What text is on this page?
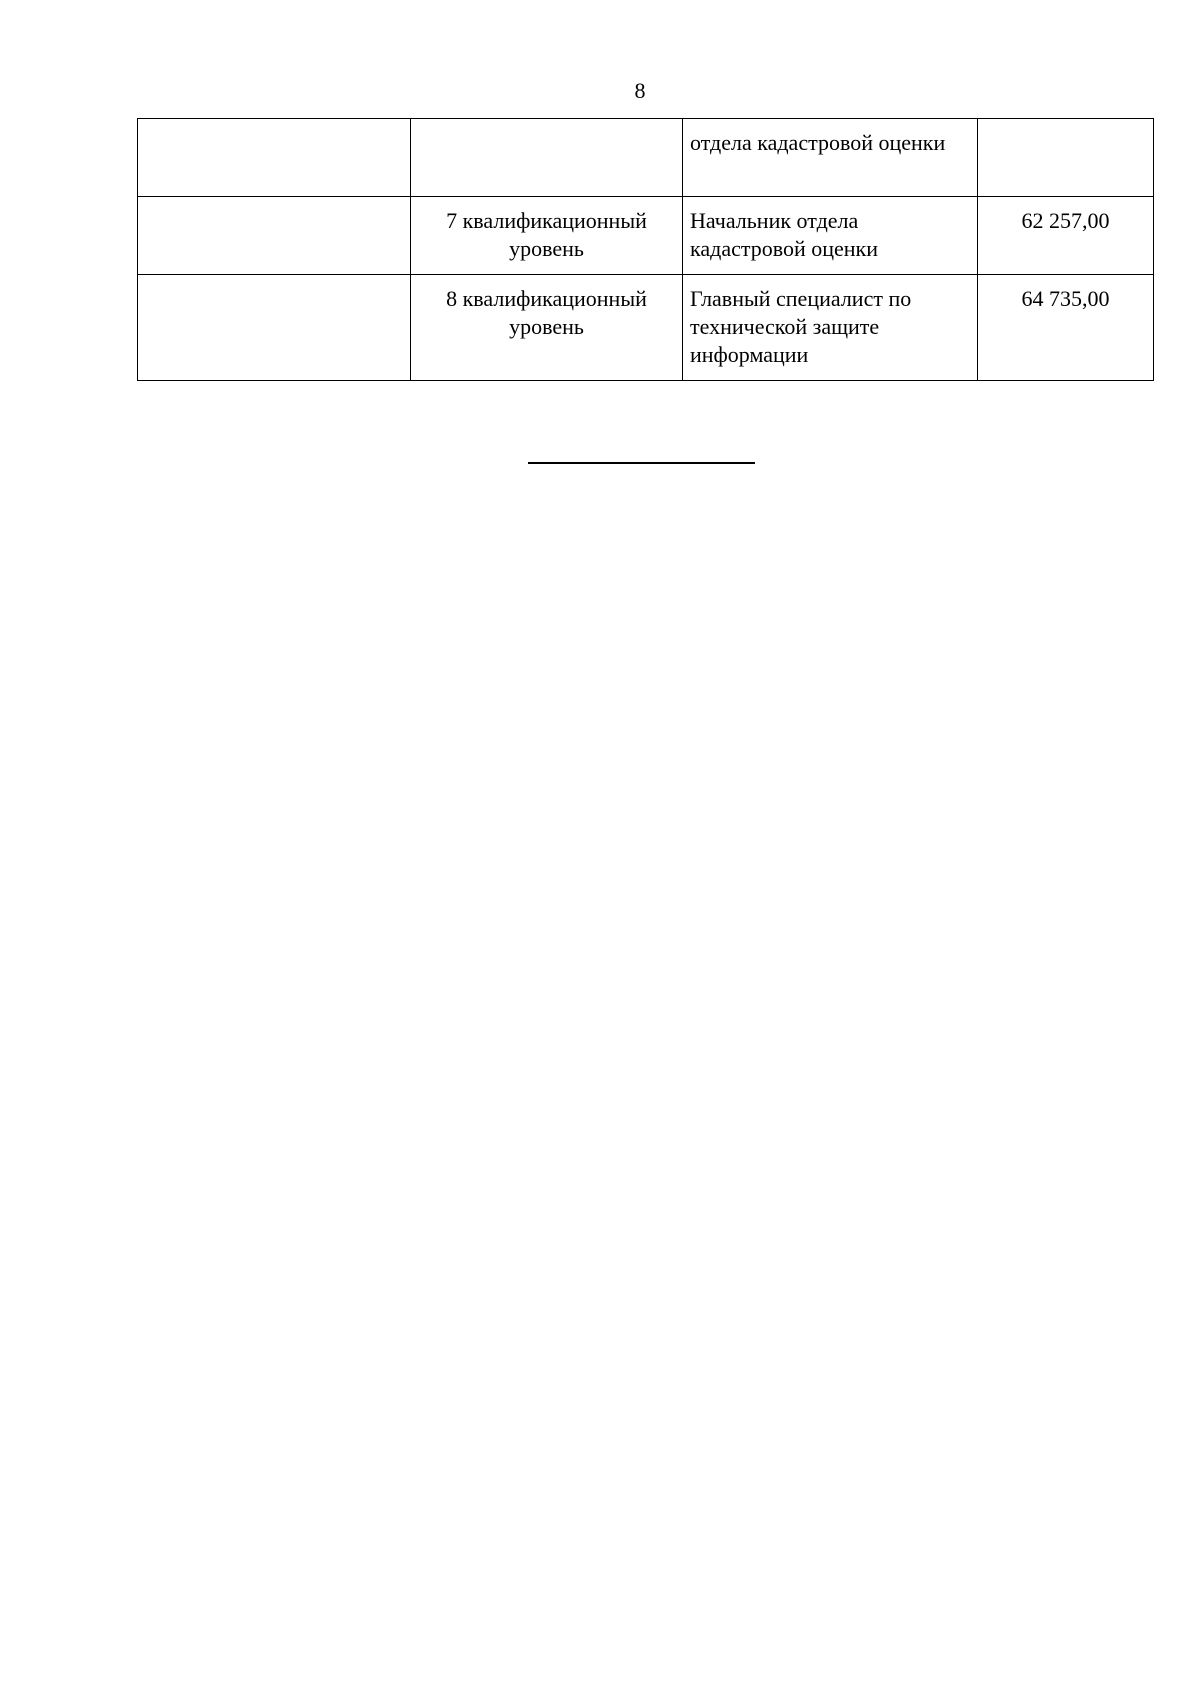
8
		отдела кадастровой оценки	
	7 квалификационный уровень	Начальник отдела кадастровой оценки	62 257,00
	8 квалификационный уровень	Главный специалист по технической защите информации	64 735,00
